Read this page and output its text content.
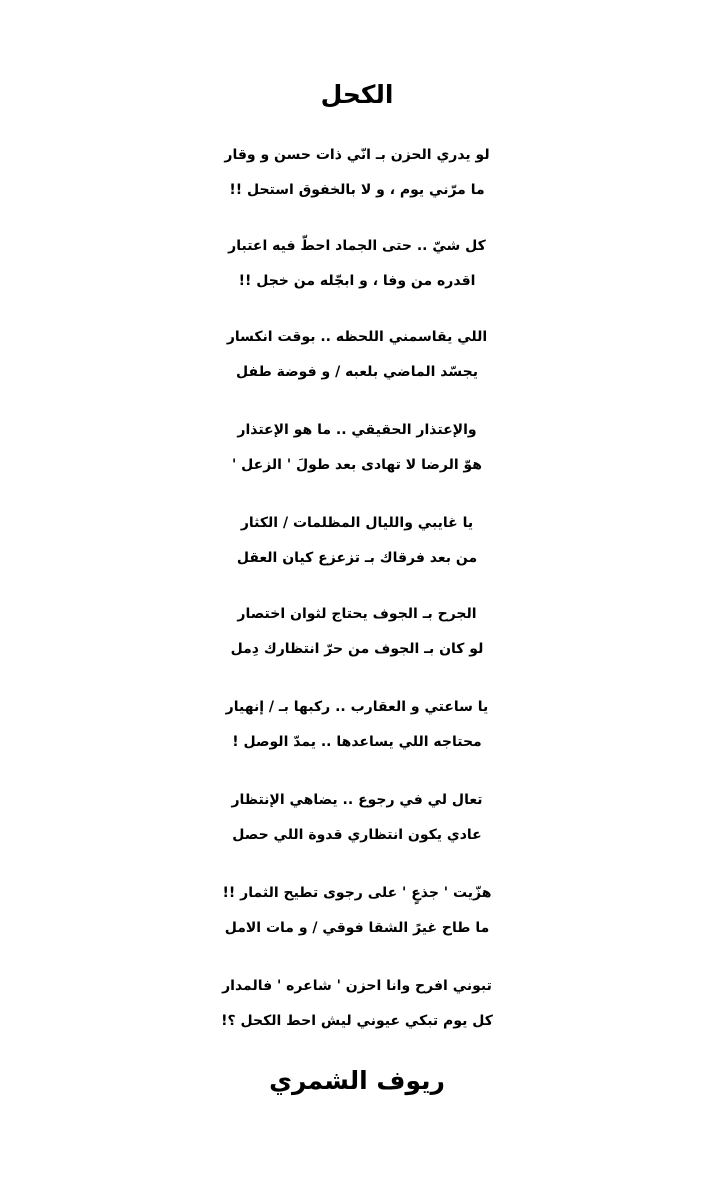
الكحل
لو يدري الحزن بـ انّي ذات حسن و وقار
ما مرّني يوم ، و لا بالخفوق استحل !!
كل شيّ .. حتى الجماد احطّ فيه اعتبار
اقدره من وفا ، و ابجّله من خجل !!
اللي يقاسمني اللحظه .. بوقت انكسار
يجسّد الماضي بلعبه / و فوضة طفل
والإعتذار الحقيقي .. ما هو الإعتذار
هوّ الرضا لا تهادى بعد طولَ ' الزعل '
يا غايبي والليال المظلمات / الكثار
من بعد فرقاك بـ تزعزع كيان العقل
الجرح بـ الجوف يحتاج لثوان اختصار
لو كان بـ الجوف من حرّ انتظارك دِمل
يا ساعتي و العقارب .. ركبها بـ / إنهيار
محتاجه اللي يساعدها .. يمدّ الوصل !
تعال لي في رجوع .. يضاهي الإنتظار
عادي يكون انتظاري قدوة اللي حصل
هزّيت ' جذعٍ ' على رجوى تطيح الثمار !!
ما طاح غيرً الشقا فوقي / و مات الامل
تبوني افرح وانا احزن ' شاعره ' فالمدار
كل يوم تبكي عيوني ليش احط الكحل ؟!
ريوف الشمري
